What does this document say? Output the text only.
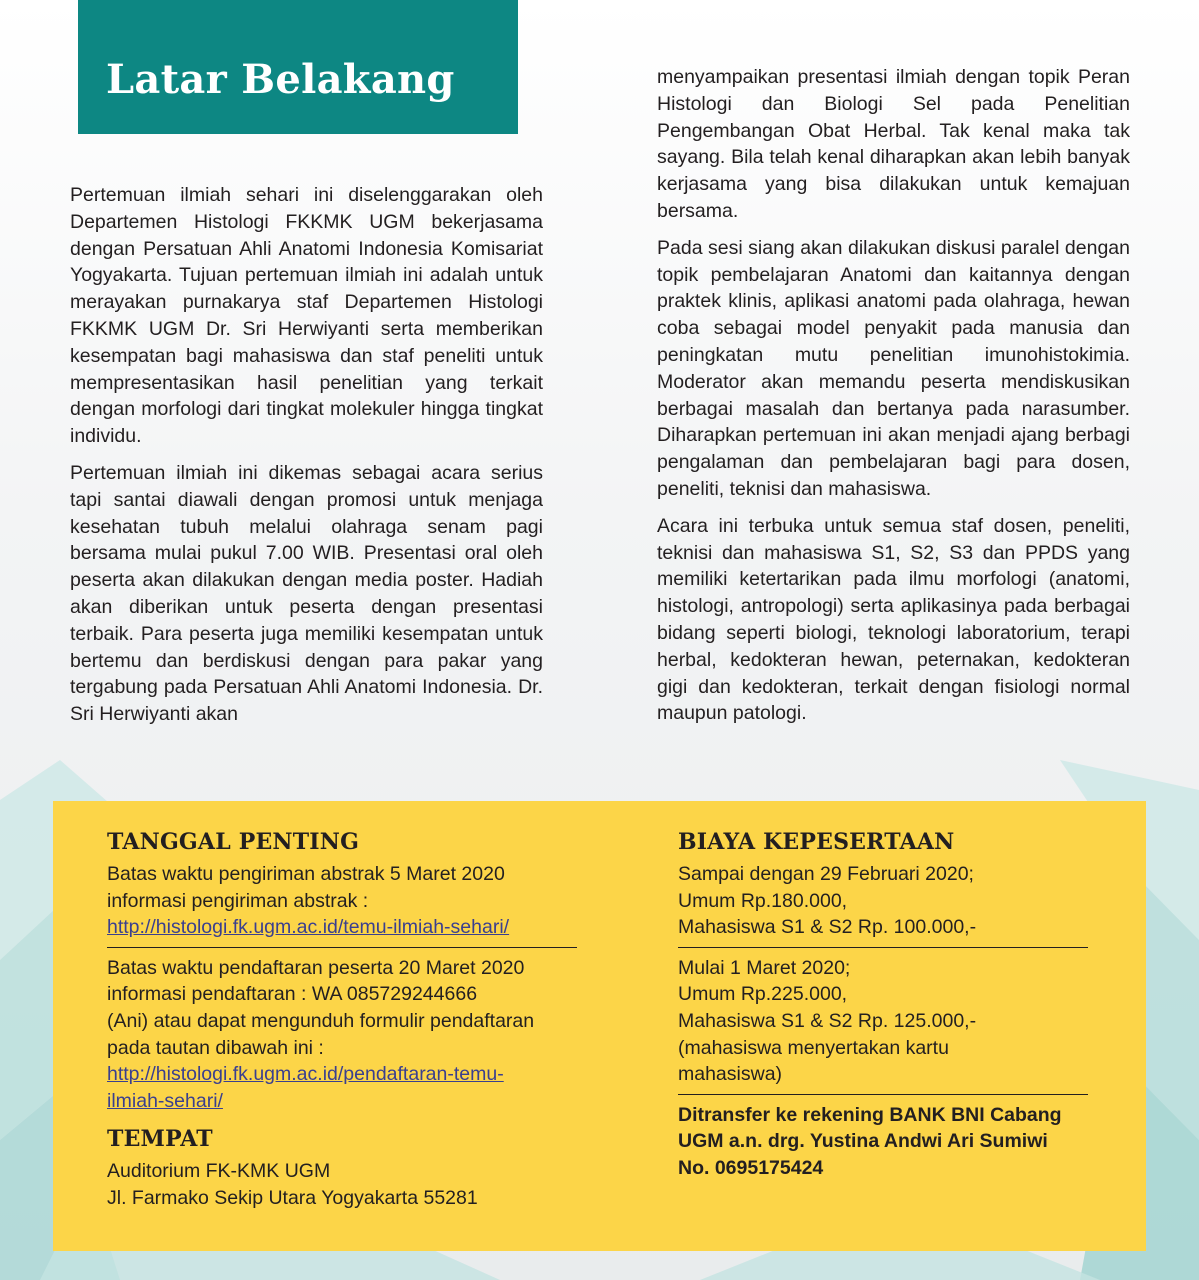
Latar Belakang

Pertemuan ilmiah sehari ini diselenggarakan oleh Departemen Histologi FKKMK UGM bekerjasama dengan Persatuan Ahli Anatomi Indonesia Komisariat Yogyakarta. Tujuan pertemuan ilmiah ini adalah untuk merayakan purnakarya staf Departemen Histologi FKKMK UGM Dr. Sri Herwiyanti serta memberikan kesempatan bagi mahasiswa dan staf peneliti untuk mempresentasikan hasil penelitian yang terkait dengan morfologi dari tingkat molekuler hingga tingkat individu.

Pertemuan ilmiah ini dikemas sebagai acara serius tapi santai diawali dengan promosi untuk menjaga kesehatan tubuh melalui olahraga senam pagi bersama mulai pukul 7.00 WIB. Presentasi oral oleh peserta akan dilakukan dengan media poster. Hadiah akan diberikan untuk peserta dengan presentasi terbaik. Para peserta juga memiliki kesempatan untuk bertemu dan berdiskusi dengan para pakar yang tergabung pada Persatuan Ahli Anatomi Indonesia. Dr. Sri Herwiyanti akan

menyampaikan presentasi ilmiah dengan topik Peran Histologi dan Biologi Sel pada Penelitian Pengembangan Obat Herbal. Tak kenal maka tak sayang. Bila telah kenal diharapkan akan lebih banyak kerjasama yang bisa dilakukan untuk kemajuan bersama.

Pada sesi siang akan dilakukan diskusi paralel dengan topik pembelajaran Anatomi dan kaitannya dengan praktek klinis, aplikasi anatomi pada olahraga, hewan coba sebagai model penyakit pada manusia dan peningkatan mutu penelitian imunohistokimia. Moderator akan memandu peserta mendiskusikan berbagai masalah dan bertanya pada narasumber. Diharapkan pertemuan ini akan menjadi ajang berbagi pengalaman dan pembelajaran bagi para dosen, peneliti, teknisi dan mahasiswa.

Acara ini terbuka untuk semua staf dosen, peneliti, teknisi dan mahasiswa S1, S2, S3 dan PPDS yang memiliki ketertarikan pada ilmu morfologi (anatomi, histologi, antropologi) serta aplikasinya pada berbagai bidang seperti biologi, teknologi laboratorium, terapi herbal, kedokteran hewan, peternakan, kedokteran gigi dan kedokteran, terkait dengan fisiologi normal maupun patologi.

TANGGAL PENTING
Batas waktu pengiriman abstrak 5 Maret 2020
informasi pengiriman abstrak :
http://histologi.fk.ugm.ac.id/temu-ilmiah-sehari/
Batas waktu pendaftaran peserta 20 Maret 2020
informasi pendaftaran : WA 085729244666
(Ani) atau dapat mengunduh formulir pendaftaran
pada tautan dibawah ini :
http://histologi.fk.ugm.ac.id/pendaftaran-temu-
ilmiah-sehari/
TEMPAT
Auditorium FK-KMK UGM
Jl. Farmako Sekip Utara Yogyakarta 55281
BIAYA KEPESERTAAN
Sampai dengan 29 Februari 2020;
Umum Rp.180.000,
Mahasiswa S1 & S2 Rp. 100.000,-
Mulai 1 Maret 2020;
Umum Rp.225.000,
Mahasiswa S1 & S2 Rp. 125.000,-
(mahasiswa menyertakan kartu
mahasiswa)
Ditransfer ke rekening BANK BNI Cabang
UGM a.n. drg. Yustina Andwi Ari Sumiwi
No. 0695175424
